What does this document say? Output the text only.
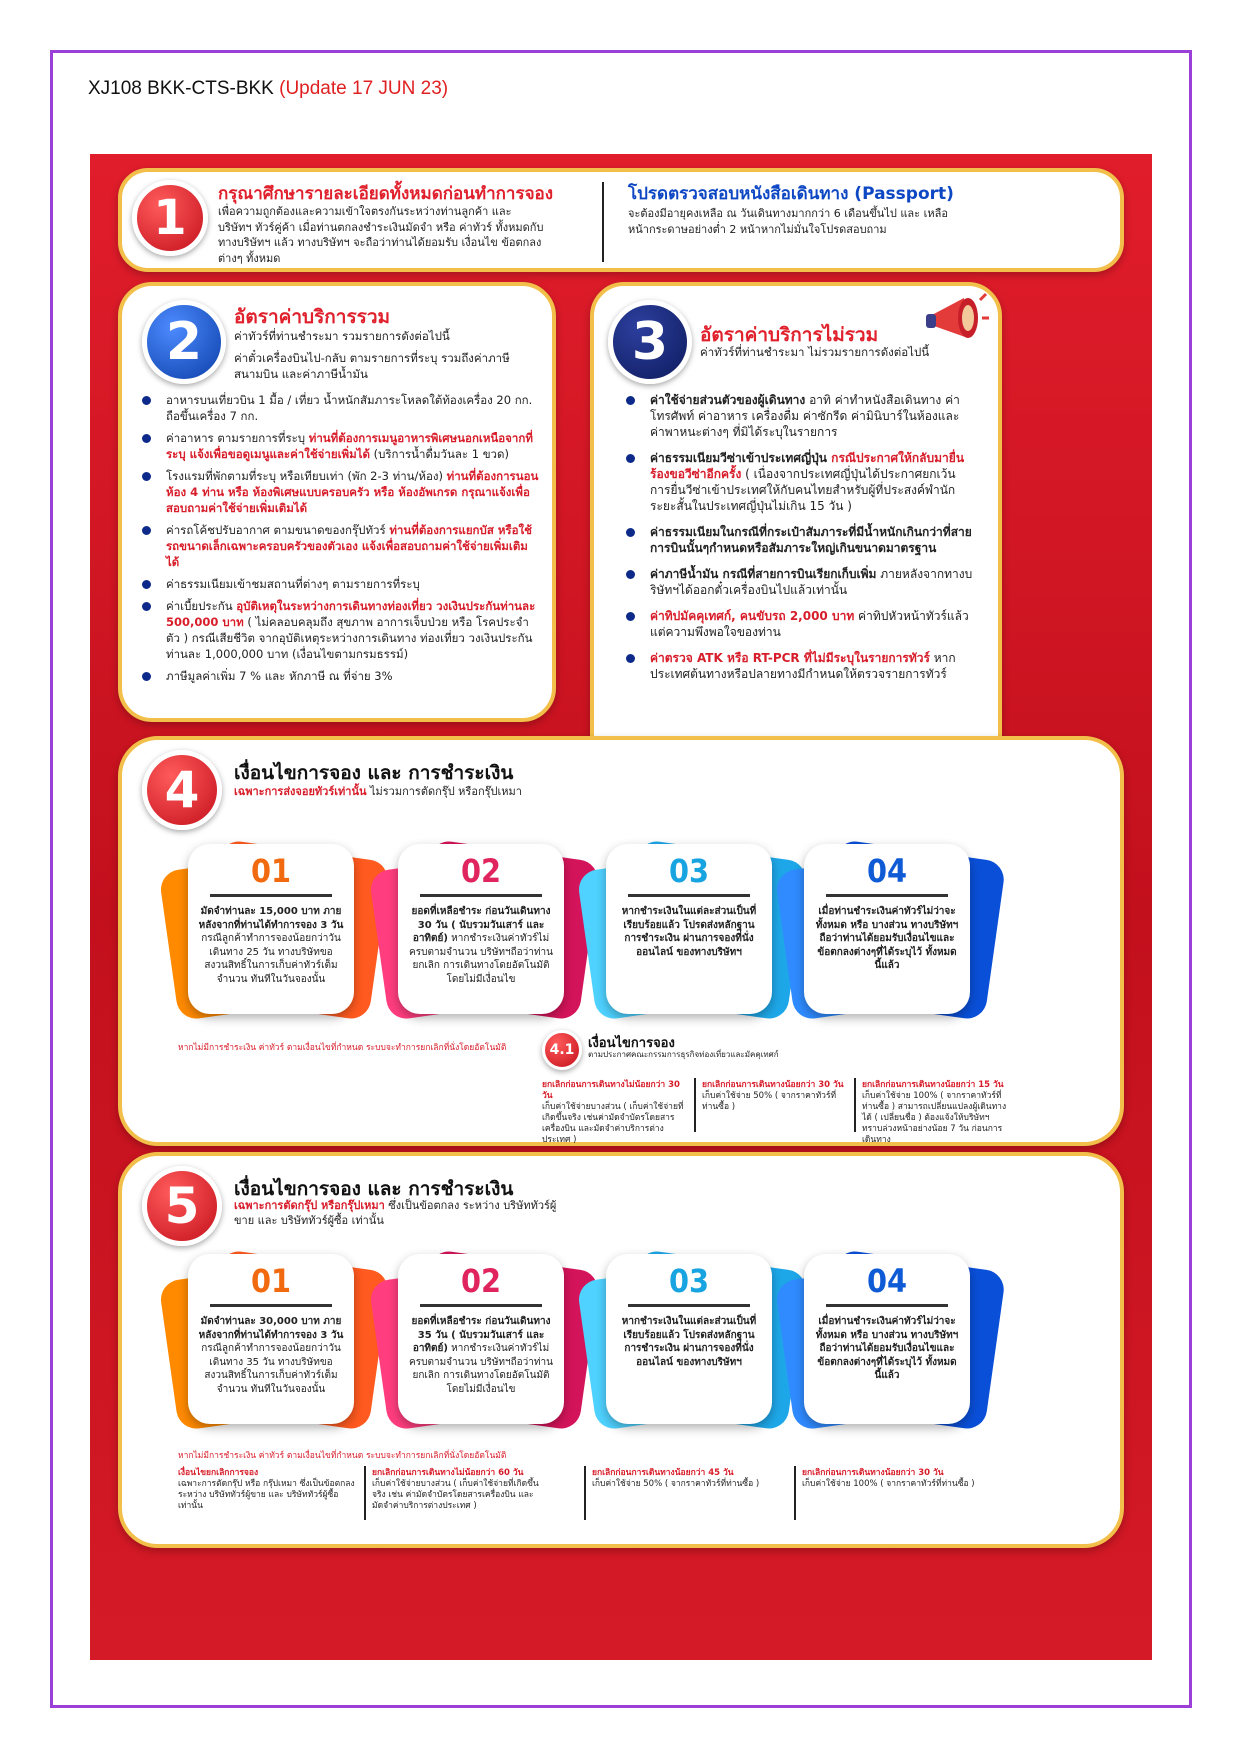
XJ108 BKK-CTS-BKK (Update 17 JUN 23)
1	กรุณาศึกษารายละเอียดทั้งหมดก่อนทำการจอง
เพื่อความถูกต้องและความเข้าใจตรงกันระหว่างท่านลูกค้า และ บริษัทฯ ทัวร์คู่ค้า เมื่อท่านตกลงชำระเงินมัดจำ หรือ ค่าทัวร์ ทั้งหมดกับทางบริษัทฯ แล้ว ทางบริษัทฯ จะถือว่าท่านได้ยอมรับ เงื่อนไข ข้อตกลงต่างๆ ทั้งหมด
โปรดตรวจสอบหนังสือเดินทาง (Passport)
จะต้องมีอายุคงเหลือ ณ วันเดินทางมากกว่า 6 เดือนขึ้นไป และ เหลือหน้ากระดาษอย่างต่ำ 2 หน้าหากไม่มั่นใจโปรดสอบถาม
2	อัตราค่าบริการรวม
ค่าทัวร์ที่ท่านชำระมา รวมรายการดังต่อไปนี้
ค่าตั๋วเครื่องบินไป-กลับ ตามรายการที่ระบุ รวมถึงค่าภาษี สนามบิน และค่าภาษีน้ำมัน
อาหารบนเที่ยวบิน 1 มื้อ / เที่ยว น้ำหนักสัมภาระโหลดใต้ท้องเครื่อง 20 กก. ถือขึ้นเครื่อง 7 กก.
ค่าอาหาร ตามรายการที่ระบุ ท่านที่ต้องการเมนูอาหารพิเศษนอกเหนือจากที่ระบุ แจ้งเพื่อขอดูเมนูและค่าใช้จ่ายเพิ่มได้ (บริการน้ำดื่มวันละ 1 ขวด)
โรงแรมที่พักตามที่ระบุ หรือเทียบเท่า (พัก 2-3 ท่าน/ห้อง) ท่านที่ต้องการนอนห้อง 4 ท่าน หรือ ห้องพิเศษแบบครอบครัว หรือ ห้องอัพเกรด กรุณาแจ้งเพื่อสอบถามค่าใช้จ่ายเพิ่มเติมได้
ค่ารถโค้ชปรับอากาศ ตามขนาดของกรุ๊ปทัวร์ ท่านที่ต้องการแยกบัส หรือใช้รถขนาดเล็กเฉพาะครอบครัวของตัวเอง แจ้งเพื่อสอบถามค่าใช้จ่ายเพิ่มเติมได้
ค่าธรรมเนียมเข้าชมสถานที่ต่างๆ ตามรายการที่ระบุ
ค่าเบี้ยประกัน อุบัติเหตุในระหว่างการเดินทางท่องเที่ยว วงเงินประกันท่านละ 500,000 บาท ( ไม่คลอบคลุมถึง สุขภาพ อาการเจ็บป่วย หรือ โรคประจำตัว ) กรณีเสียชีวิต จากอุบัติเหตุระหว่างการเดินทาง ท่องเที่ยว วงเงินประกันท่านละ 1,000,000 บาท (เงื่อนไขตามกรมธรรม์)
ภาษีมูลค่าเพิ่ม 7 % และ หักภาษี ณ ที่จ่าย 3%
3	อัตราค่าบริการไม่รวม
ค่าทัวร์ที่ท่านชำระมา ไม่รวมรายการดังต่อไปนี้
ค่าใช้จ่ายส่วนตัวของผู้เดินทาง อาทิ ค่าทำหนังสือเดินทาง ค่าโทรศัพท์ ค่าอาหาร เครื่องดื่ม ค่าซักรีด ค่ามินิบาร์ในห้องและค่าพาหนะต่างๆ ที่มิได้ระบุในรายการ
ค่าธรรมเนียมวีซ่าเข้าประเทศญี่ปุ่น กรณีประกาศให้กลับมายื่นร้องขอวีซ่าอีกครั้ง ( เนื่องจากประเทศญี่ปุ่นได้ประกาศยกเว้นการยื่นวีซ่าเข้าประเทศให้กับคนไทยสำหรับผู้ที่ประสงค์พำนักระยะสั้นในประเทศญี่ปุ่นไม่เกิน 15 วัน )
ค่าธรรมเนียมในกรณีที่กระเป๋าสัมภาระที่มีน้ำหนักเกินกว่าที่สายการบินนั้นๆกำหนดหรือสัมภาระใหญ่เกินขนาดมาตรฐาน
ค่าภาษีน้ำมัน กรณีที่สายการบินเรียกเก็บเพิ่ม ภายหลังจากทางบริษัทฯได้ออกตั๋วเครื่องบินไปแล้วเท่านั้น
ค่าทิปมัคคุเทศก์, คนขับรถ 2,000 บาท ค่าทิปหัวหน้าทัวร์แล้วแต่ความพึงพอใจของท่าน
ค่าตรวจ ATK หรือ RT-PCR ที่ไม่มีระบุในรายการทัวร์ หากประเทศต้นทางหรือปลายทางมีกำหนดให้ตรวจรายการทัวร์
4	เงื่อนไขการจอง และ การชำระเงิน
เฉพาะการส่งจอยทัวร์เท่านั้น ไม่รวมการตัดกรุ๊ป หรือกรุ๊ปเหมา
01
มัดจำท่านละ 15,000 บาท ภายหลังจากที่ท่านได้ทำการจอง 3 วัน กรณีลูกค้าทำการจองน้อยกว่าวันเดินทาง 25 วัน ทางบริษัทขอสงวนสิทธิ์ในการเก็บค่าทัวร์เต็มจำนวน ทันทีในวันจองนั้น
02
ยอดที่เหลือชำระ ก่อนวันเดินทาง 30 วัน ( นับรวมวันเสาร์ และ อาทิตย์) หากชำระเงินค่าทัวร์ไม่ครบตามจำนวน บริษัทฯถือว่าท่านยกเลิก การเดินทางโดยอัตโนมัติ โดยไม่มีเงื่อนไข
03
หากชำระเงินในแต่ละส่วนเป็นที่เรียบร้อยแล้ว โปรดส่งหลักฐานการชำระเงิน ผ่านการจองที่นั่ง ออนไลน์ ของทางบริษัทฯ
04
เมื่อท่านชำระเงินค่าทัวร์ไม่ว่าจะทั้งหมด หรือ บางส่วน ทางบริษัทฯถือว่าท่านได้ยอมรับเงื่อนไขและข้อตกลงต่างๆที่ได้ระบุไว้ ทั้งหมดนี้แล้ว
หากไม่มีการชำระเงิน ค่าทัวร์ ตามเงื่อนไขที่กำหนด ระบบจะทำการยกเลิกที่นั่งโดยอัตโนมัติ	4.1	เงื่อนไขการจอง
ตามประกาศคณะกรรมการธุรกิจท่องเที่ยวและมัคคุเทศก์
ยกเลิกก่อนการเดินทางไม่น้อยกว่า 30 วัน
เก็บค่าใช้จ่ายบางส่วน ( เก็บค่าใช้จ่ายที่เกิดขึ้นจริง เช่นค่ามัดจำบัตรโดยสารเครื่องบิน และมัดจำค่าบริการต่างประเทศ )
ยกเลิกก่อนการเดินทางน้อยกว่า 30 วัน
เก็บค่าใช้จ่าย 50% ( จากราคาทัวร์ที่ท่านซื้อ )
ยกเลิกก่อนการเดินทางน้อยกว่า 15 วัน
เก็บค่าใช้จ่าย 100% ( จากราคาทัวร์ที่ท่านซื้อ ) สามารถเปลี่ยนแปลงผู้เดินทางได้ ( เปลี่ยนชื่อ ) ต้องแจ้งให้บริษัทฯ ทราบล่วงหน้าอย่างน้อย 7 วัน ก่อนการเดินทาง
5	เงื่อนไขการจอง และ การชำระเงิน
เฉพาะการตัดกรุ๊ป หรือกรุ๊ปเหมา ซึ่งเป็นข้อตกลง ระหว่าง บริษัททัวร์ผู้ขาย และ บริษัททัวร์ผู้ซื้อ เท่านั้น
01
มัดจำท่านละ 30,000 บาท ภายหลังจากที่ท่านได้ทำการจอง 3 วัน กรณีลูกค้าทำการจองน้อยกว่าวันเดินทาง 35 วัน ทางบริษัทขอสงวนสิทธิ์ในการเก็บค่าทัวร์เต็มจำนวน ทันทีในวันจองนั้น
02
ยอดที่เหลือชำระ ก่อนวันเดินทาง 35 วัน ( นับรวมวันเสาร์ และ อาทิตย์) หากชำระเงินค่าทัวร์ไม่ครบตามจำนวน บริษัทฯถือว่าท่านยกเลิก การเดินทางโดยอัตโนมัติ โดยไม่มีเงื่อนไข
03
หากชำระเงินในแต่ละส่วนเป็นที่เรียบร้อยแล้ว โปรดส่งหลักฐานการชำระเงิน ผ่านการจองที่นั่ง ออนไลน์ ของทางบริษัทฯ
04
เมื่อท่านชำระเงินค่าทัวร์ไม่ว่าจะทั้งหมด หรือ บางส่วน ทางบริษัทฯถือว่าท่านได้ยอมรับเงื่อนไขและข้อตกลงต่างๆที่ได้ระบุไว้ ทั้งหมดนี้แล้ว
หากไม่มีการชำระเงิน ค่าทัวร์ ตามเงื่อนไขที่กำหนด ระบบจะทำการยกเลิกที่นั่งโดยอัตโนมัติ
เงื่อนไขยกเลิกการจอง
เฉพาะการตัดกรุ๊ป หรือ กรุ๊ปเหมา ซึ่งเป็นข้อตกลงระหว่าง บริษัททัวร์ผู้ขาย และ บริษัททัวร์ผู้ซื้อ เท่านั้น
ยกเลิกก่อนการเดินทางไม่น้อยกว่า 60 วัน
เก็บค่าใช้จ่ายบางส่วน ( เก็บค่าใช้จ่ายที่เกิดขึ้นจริง เช่น ค่ามัดจำบัตรโดยสารเครื่องบิน และ มัดจำค่าบริการต่างประเทศ )
ยกเลิกก่อนการเดินทางน้อยกว่า 45 วัน
เก็บค่าใช้จ่าย 50% ( จากราคาทัวร์ที่ท่านซื้อ )
ยกเลิกก่อนการเดินทางน้อยกว่า 30 วัน
เก็บค่าใช้จ่าย 100% ( จากราคาทัวร์ที่ท่านซื้อ )
